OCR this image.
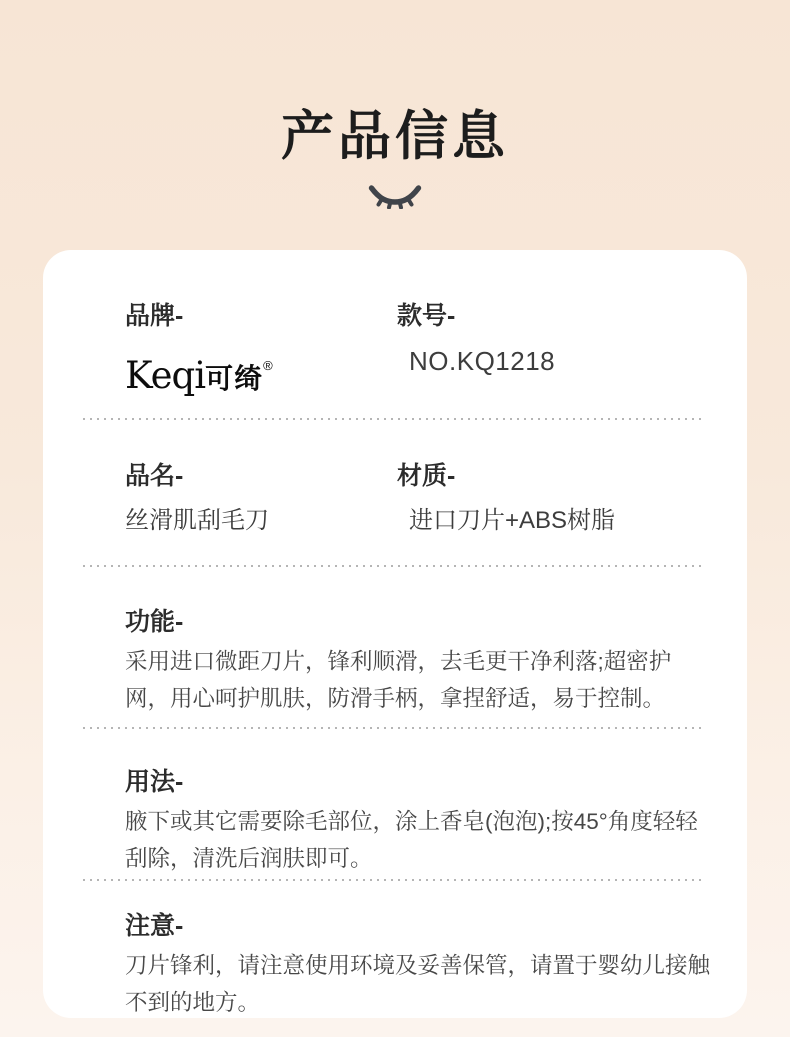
产品信息
品牌-
Keqi可绮®
款号-
NO.KQ1218
品名-
丝滑肌刮毛刀
材质-
进口刀片+ABS树脂
功能-

采用进口微距刀片，锋利顺滑，去毛更干净利落;超密护网，用心呵护肌肤，防滑手柄，拿捏舒适，易于控制。

用法-

腋下或其它需要除毛部位，涂上香皂(泡泡);按45°角度轻轻刮除，清洗后润肤即可。

注意-

刀片锋利，请注意使用环境及妥善保管，请置于婴幼儿接触不到的地方。
